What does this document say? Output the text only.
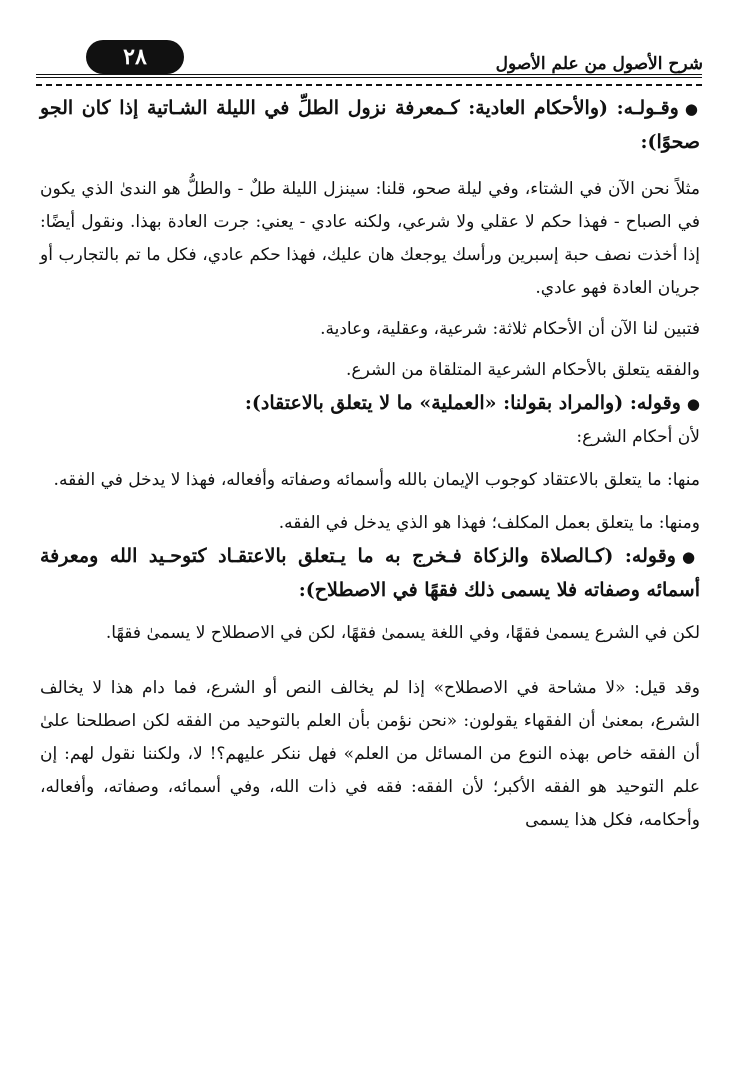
شرح الأصول من علم الأصول
٢٨

●وقـولـه: (والأحكام العادية: كـمعرفة نزول الطلِّ في الليلة الشـاتية إذا كان الجو صحوًا):

مثلاً نحن الآن في الشتاء، وفي ليلة صحو، قلنا: سينزل الليلة طلٌ - والطلُّ هو الندىٰ الذي يكون في الصباح - فهذا حكم لا عقلي ولا شرعي، ولكنه عادي - يعني: جرت العادة بهذا. ونقول أيضًا: إذا أخذت نصف حبة إسبرين ورأسك يوجعك هان عليك، فهذا حكم عادي، فكل ما تم بالتجارب أو جريان العادة فهو عادي.

فتبين لنا الآن أن الأحكام ثلاثة: شرعية، وعقلية، وعادية.

والفقه يتعلق بالأحكام الشرعية المتلقاة من الشرع.

●وقوله: (والمراد بقولنا: «العملية» ما لا يتعلق بالاعتقاد):

لأن أحكام الشرع:

منها: ما يتعلق بالاعتقاد كوجوب الإيمان بالله وأسمائه وصفاته وأفعاله، فهذا لا يدخل في الفقه.

ومنها: ما يتعلق بعمل المكلف؛ فهذا هو الذي يدخل في الفقه.

●وقوله: (كـالصلاة والزكاة فـخرج به ما يـتعلق بالاعتقـاد كتوحـيد الله ومعرفة أسمائه وصفاته فلا يسمى ذلك فقهًا في الاصطلاح):

لكن في الشرع يسمىٰ فقهًا، وفي اللغة يسمىٰ فقهًا، لكن في الاصطلاح لا يسمىٰ فقهًا.

وقد قيل: «لا مشاحة في الاصطلاح» إذا لم يخالف النص أو الشرع، فما دام هذا لا يخالف الشرع، بمعنىٰ أن الفقهاء يقولون: «نحن نؤمن بأن العلم بالتوحيد من الفقه لكن اصطلحنا علىٰ أن الفقه خاص بهذه النوع من المسائل من العلم» فهل ننكر عليهم؟! لا، ولكننا نقول لهم: إن علم التوحيد هو الفقه الأكبر؛ لأن الفقه: فقه في ذات الله، وفي أسمائه، وصفاته، وأفعاله، وأحكامه، فكل هذا يسمى
